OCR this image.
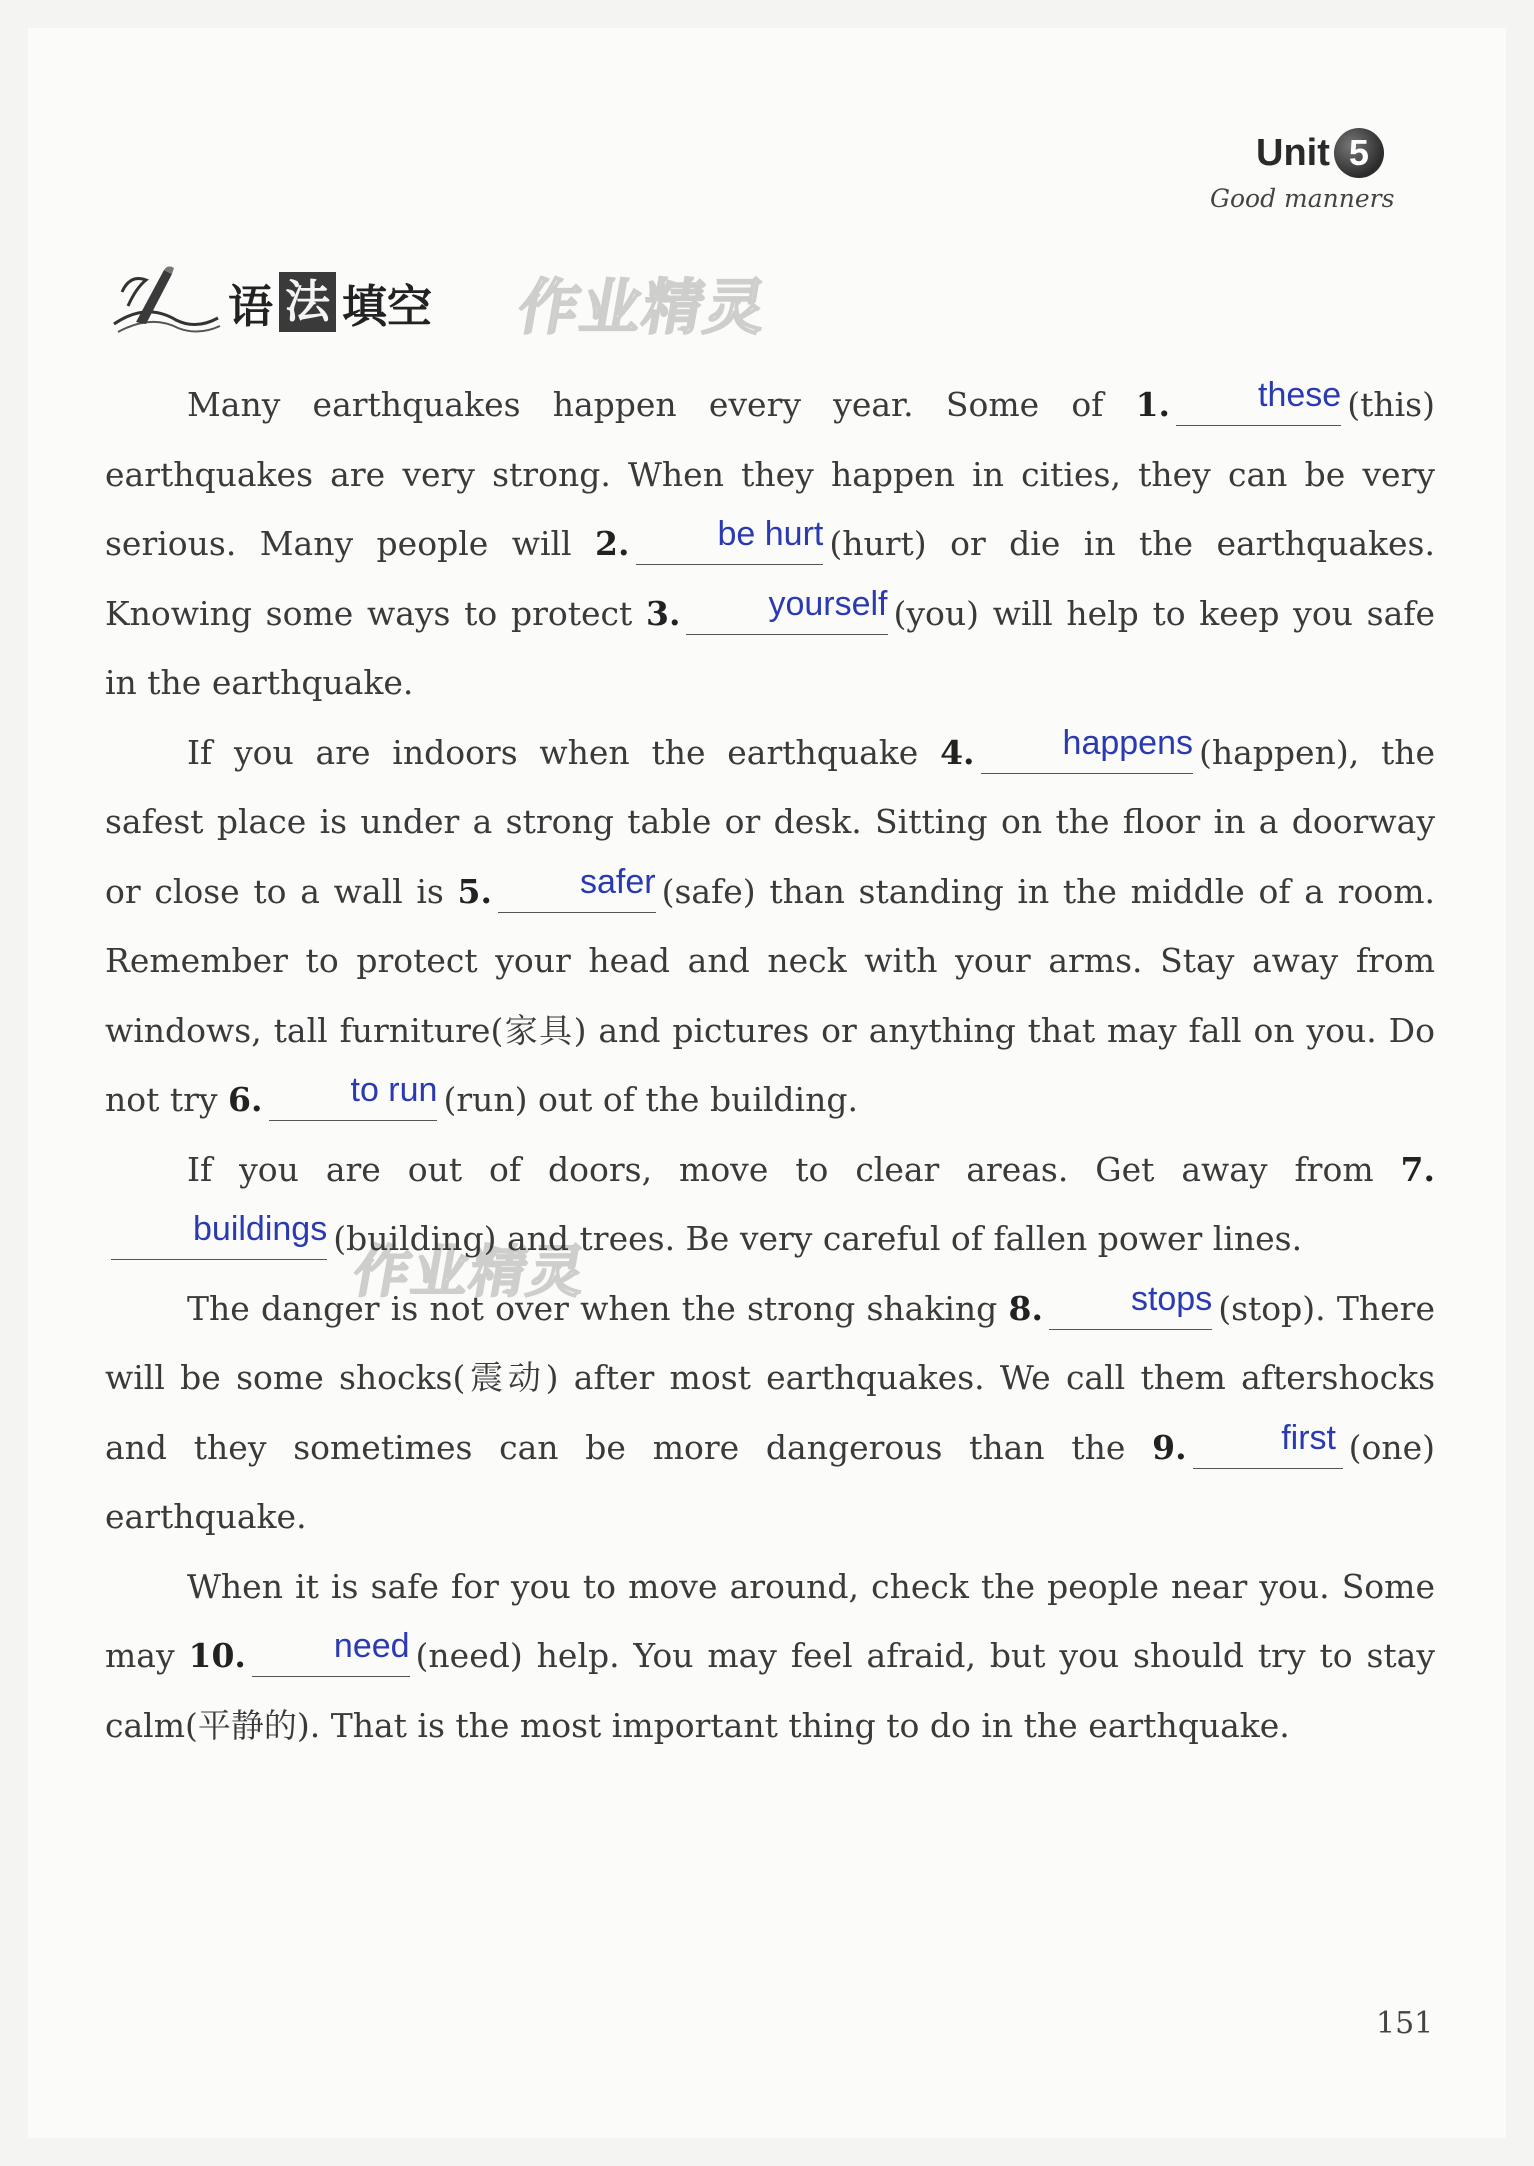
Unit 5
Good manners
语 法 填空 作业精灵
作业精灵

Many earthquakes happen every year. Some of 1.	these (this) earthquakes are very strong. When they happen in cities, they can be very serious. Many people will 2.	be hurt (hurt) or die in the earthquakes. Knowing some ways to protect 3.	yourself (you) will help to keep you safe in the earthquake.

If you are indoors when the earthquake 4.	happens (happen), the safest place is under a strong table or desk. Sitting on the floor in a doorway or close to a wall is 5.	safer (safe) than standing in the middle of a room. Remember to protect your head and neck with your arms. Stay away from windows, tall furniture(家具) and pictures or anything that may fall on you. Do not try 6.	to run (run) out of the building.

If you are out of doors, move to clear areas. Get away from 7.buildings (building) and trees. Be very careful of fallen power lines.

The danger is not over when the strong shaking 8.	stops (stop). There will be some shocks(震动) after most earthquakes. We call them aftershocks and they sometimes can be more dangerous than the 9.	first (one) earthquake.

When it is safe for you to move around, check the people near you. Some may 10.	need (need) help. You may feel afraid, but you should try to stay calm(平静的). That is the most important thing to do in the earthquake.

151
